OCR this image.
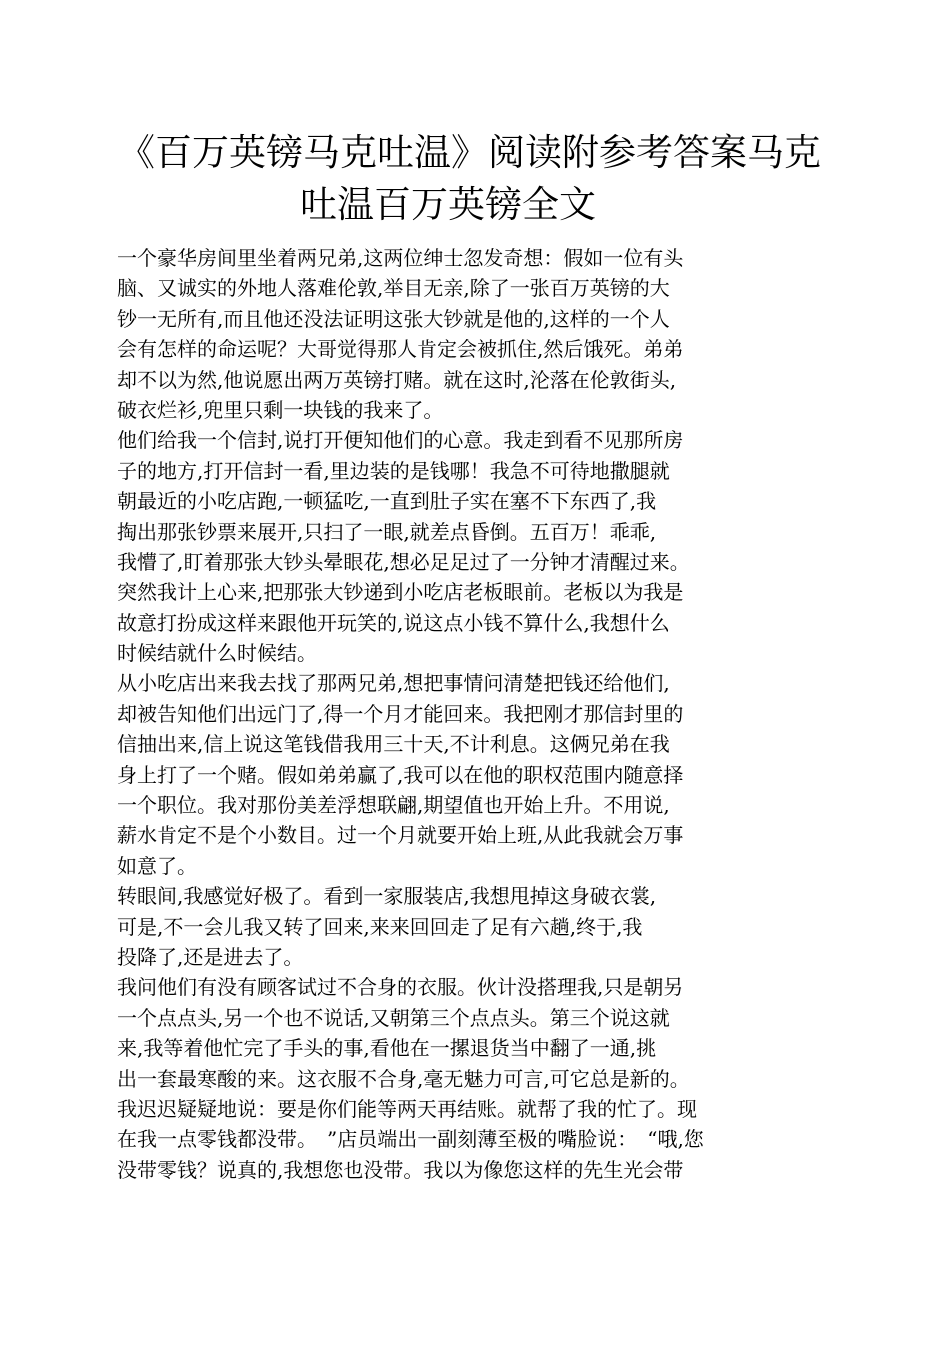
《百万英镑马克吐温》阅读附参考答案马克
吐温百万英镑全文
一个豪华房间里坐着两兄弟,这两位绅士忽发奇想：假如一位有头
脑、又诚实的外地人落难伦敦,举目无亲,除了一张百万英镑的大
钞一无所有,而且他还没法证明这张大钞就是他的,这样的一个人
会有怎样的命运呢？大哥觉得那人肯定会被抓住,然后饿死。弟弟
却不以为然,他说愿出两万英镑打赌。就在这时,沦落在伦敦街头,
破衣烂衫,兜里只剩一块钱的我来了。
他们给我一个信封,说打开便知他们的心意。我走到看不见那所房
子的地方,打开信封一看,里边装的是钱哪！我急不可待地撒腿就
朝最近的小吃店跑,一顿猛吃,一直到肚子实在塞不下东西了,我
掏出那张钞票来展开,只扫了一眼,就差点昏倒。五百万！乖乖,
我懵了,盯着那张大钞头晕眼花,想必足足过了一分钟才清醒过来。
突然我计上心来,把那张大钞递到小吃店老板眼前。老板以为我是
故意打扮成这样来跟他开玩笑的,说这点小钱不算什么,我想什么
时候结就什么时候结。
从小吃店出来我去找了那两兄弟,想把事情问清楚把钱还给他们,
却被告知他们出远门了,得一个月才能回来。我把刚才那信封里的
信抽出来,信上说这笔钱借我用三十天,不计利息。这俩兄弟在我
身上打了一个赌。假如弟弟赢了,我可以在他的职权范围内随意择
一个职位。我对那份美差浮想联翩,期望值也开始上升。不用说,
薪水肯定不是个小数目。过一个月就要开始上班,从此我就会万事
如意了。
转眼间,我感觉好极了。看到一家服装店,我想甩掉这身破衣裳,
可是,不一会儿我又转了回来,来来回回走了足有六趟,终于,我
投降了,还是进去了。
我问他们有没有顾客试过不合身的衣服。伙计没搭理我,只是朝另
一个点点头,另一个也不说话,又朝第三个点点头。第三个说这就
来,我等着他忙完了手头的事,看他在一摞退货当中翻了一通,挑
出一套最寒酸的来。这衣服不合身,毫无魅力可言,可它总是新的。
我迟迟疑疑地说：要是你们能等两天再结账。就帮了我的忙了。现
在我一点零钱都没带。　”店员端出一副刻薄至极的嘴脸说：　“哦,您
没带零钱？说真的,我想您也没带。我以为像您这样的先生光会带
